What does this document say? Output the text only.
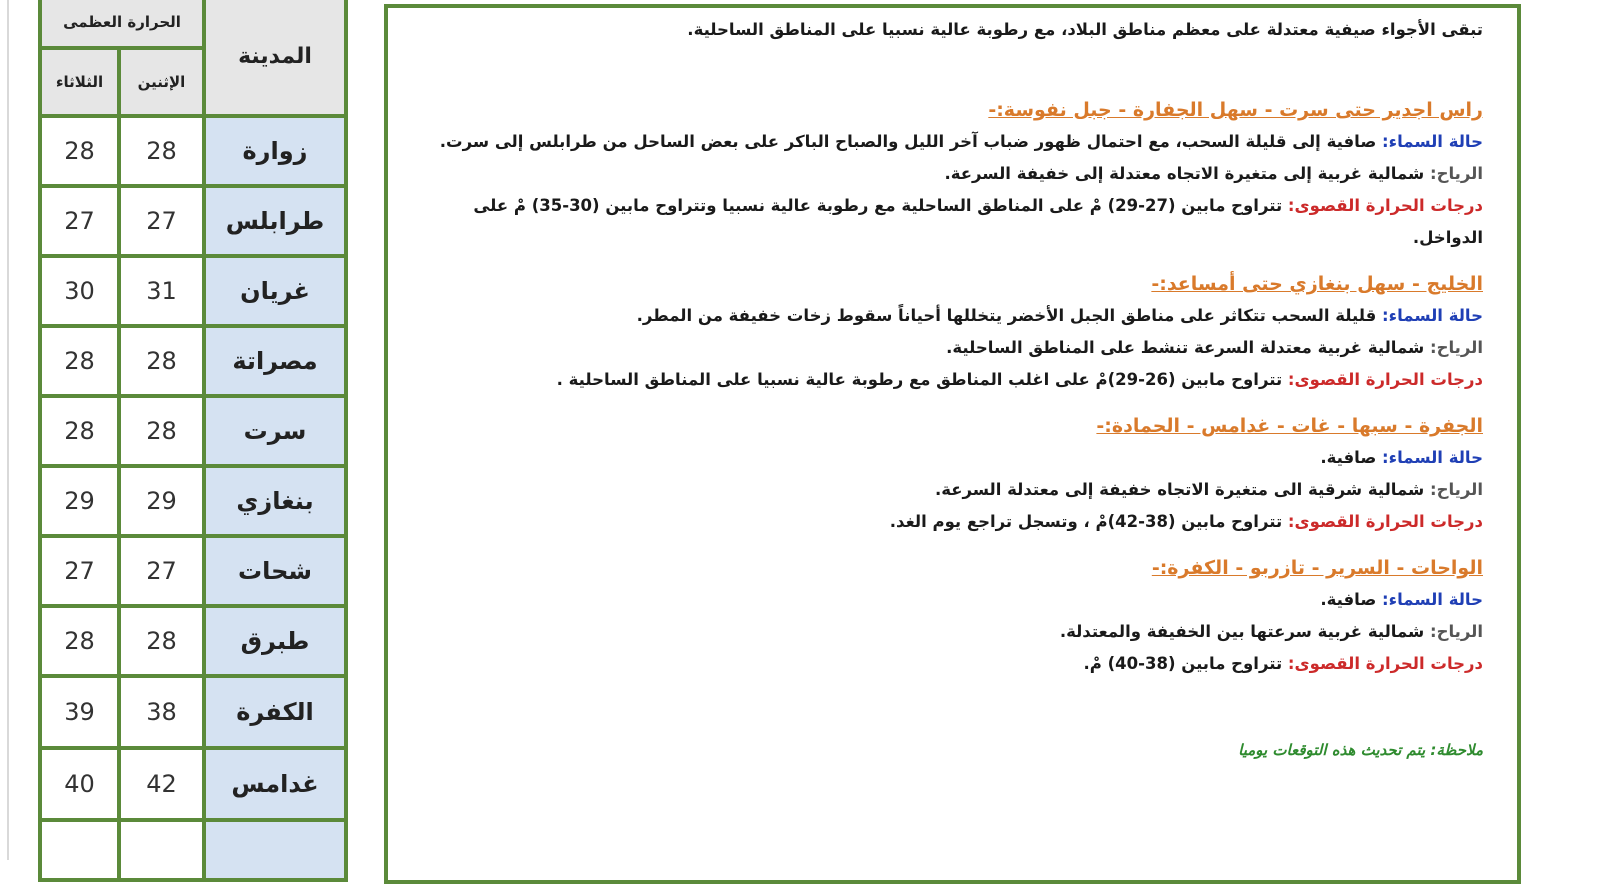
الحرارة العظمى		المدينة
الثلاثاء	الإثنين	
28	28	زوارة
27	27	طرابلس
30	31	غريان
28	28	مصراتة
28	28	سرت
29	29	بنغازي
27	27	شحات
28	28	طبرق
39	38	الكفرة
40	42	غدامس

تبقى الأجواء صيفية معتدلة على معظم مناطق البلاد، مع رطوبة عالية نسبيا على المناطق الساحلية.

راس اجدير حتى سرت - سهل الجفارة - جبل نفوسة:-

حالة السماء: صافية إلى قليلة السحب، مع احتمال ظهور ضباب آخر الليل والصباح الباكر على بعض الساحل من طرابلس إلى سرت.

الرياح: شمالية غربية إلى متغيرة الاتجاه معتدلة إلى خفيفة السرعة.

درجات الحرارة القصوى: تتراوح مابين (27-29) مْ على المناطق الساحلية مع رطوبة عالية نسبيا وتتراوح مابين (30-35) مْ على الدواخل.

الخليج - سهل بنغازي حتى أمساعد:-

حالة السماء: قليلة السحب تتكاثر على مناطق الجبل الأخضر يتخللها أحياناً سقوط زخات خفيفة من المطر.

الرياح: شمالية غربية معتدلة السرعة تنشط على المناطق الساحلية.

درجات الحرارة القصوى: تتراوح مابين (26-29)مْ على اغلب المناطق مع رطوبة عالية نسبيا على المناطق الساحلية .

الجفرة - سبها - غات - غدامس - الحمادة:-

حالة السماء: صافية.

الرياح: شمالية شرقية الى متغيرة الاتجاه خفيفة إلى معتدلة السرعة.

درجات الحرارة القصوى: تتراوح مابين (38-42)مْ ، وتسجل تراجع يوم الغد.

الواحات - السرير - تازربو - الكفرة:-

حالة السماء: صافية.

الرياح: شمالية غربية سرعتها بين الخفيفة والمعتدلة.

درجات الحرارة القصوى: تتراوح مابين (38-40) مْ.

ملاحظة: يتم تحديث هذه التوقعات يوميا
